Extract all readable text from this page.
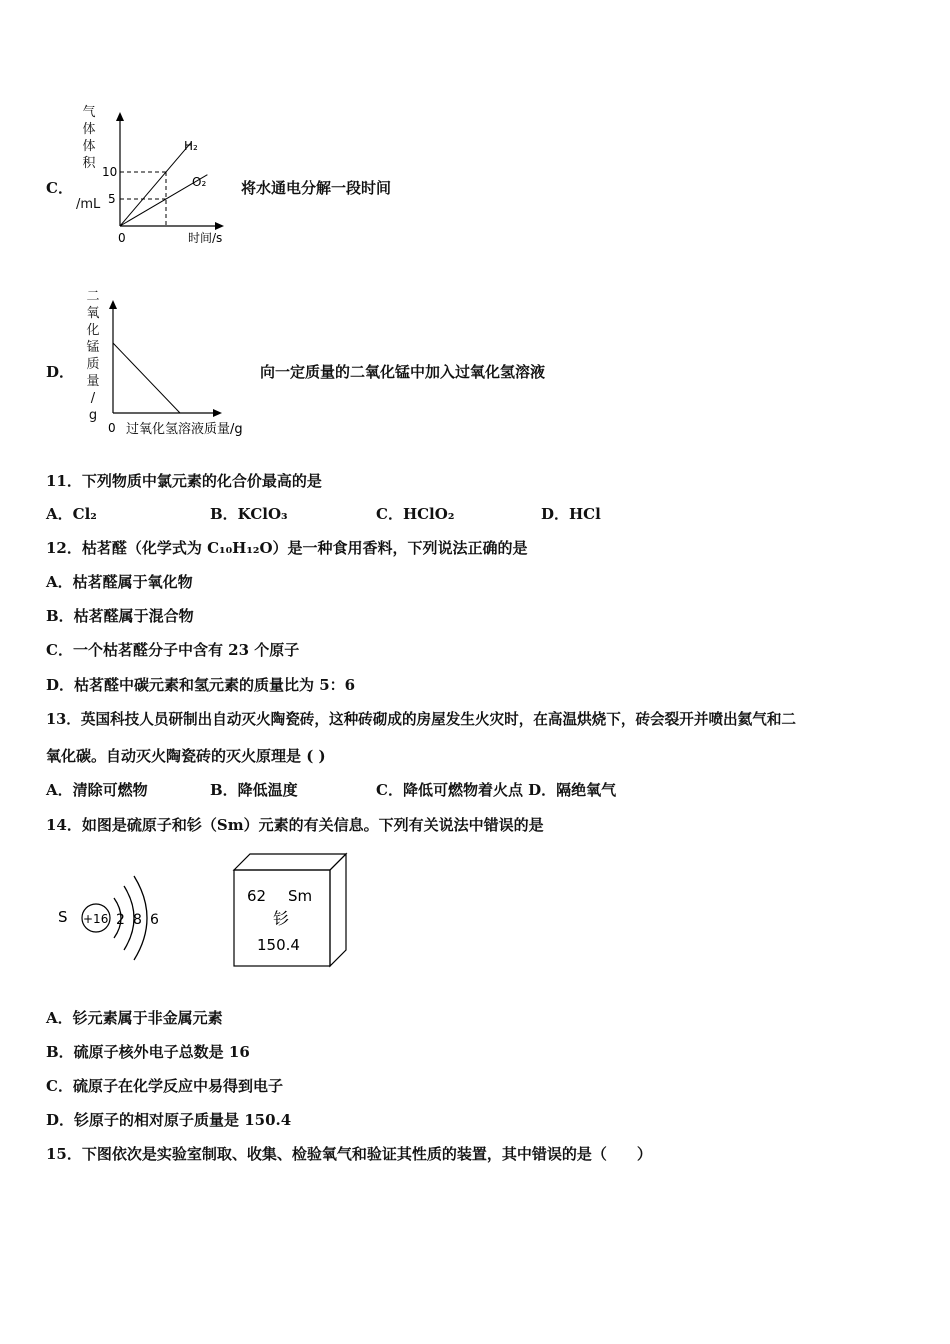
C．
气
体
体
积
/mL
10
5
0
H₂
O₂
时间/s
将水通电分解一段时间
D．
二
氧
化
锰
质
量
/
g
0 过氧化氢溶液质量/g
向一定质量的二氧化锰中加入过氧化氢溶液
11．下列物质中氯元素的化合价最高的是
A．Cl₂	B．KClO₃	C．HClO₂	D．HCl
12．枯茗醛（化学式为 C₁₀H₁₂O）是一种食用香料，下列说法正确的是
A．枯茗醛属于氧化物
B．枯茗醛属于混合物
C．一个枯茗醛分子中含有 23 个原子
D．枯茗醛中碳元素和氢元素的质量比为 5：6
13．英国科技人员研制出自动灭火陶瓷砖，这种砖砌成的房屋发生火灾时，在高温烘烧下，砖会裂开并喷出氦气和二
氧化碳。自动灭火陶瓷砖的灭火原理是 ( )
A．清除可燃物	B．降低温度	C．降低可燃物着火点 D．隔绝氧气
14．如图是硫原子和钐（Sm）元素的有关信息。下列有关说法中错误的是
S +16 2 8 6
62 Sm
钐
150.4
A．钐元素属于非金属元素
B．硫原子核外电子总数是 16
C．硫原子在化学反应中易得到电子
D．钐原子的相对原子质量是 150.4
15．下图依次是实验室制取、收集、检验氧气和验证其性质的装置，其中错误的是（　　）
